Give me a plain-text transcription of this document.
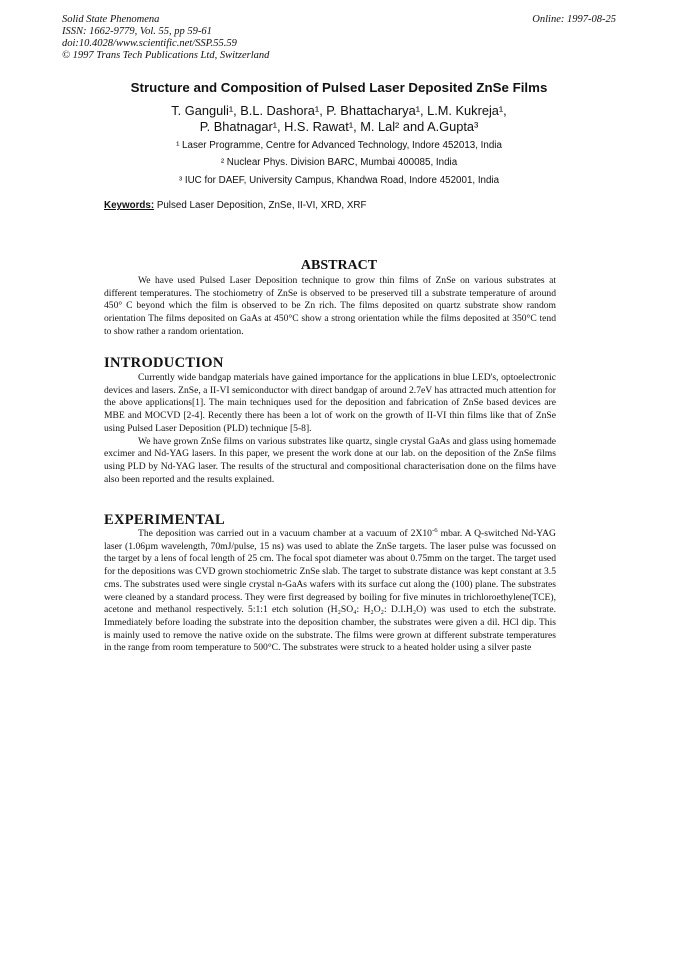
Solid State Phenomena
ISSN: 1662-9779, Vol. 55, pp 59-61
doi:10.4028/www.scientific.net/SSP.55.59
© 1997 Trans Tech Publications Ltd, Switzerland
Online: 1997-08-25
Structure and Composition of Pulsed Laser Deposited ZnSe Films
T. Ganguli¹, B.L. Dashora¹, P. Bhattacharya¹, L.M. Kukreja¹,
P. Bhatnagar¹, H.S. Rawat¹, M. Lal² and A.Gupta³
¹ Laser Programme, Centre for Advanced Technology, Indore 452013, India
² Nuclear Phys. Division BARC, Mumbai 400085, India
³ IUC for DAEF, University Campus, Khandwa Road, Indore 452001, India
Keywords: Pulsed Laser Deposition, ZnSe, II-VI, XRD, XRF
ABSTRACT

We have used Pulsed Laser Deposition technique to grow thin films of ZnSe on various substrates at different temperatures. The stochiometry of ZnSe is observed to be preserved till a substrate temperature of around 450° C beyond which the film is observed to be Zn rich. The films deposited on quartz substrate show random orientation The films deposited on GaAs at 450°C show a strong orientation while the films deposited at 350°C tend to show rather a random orientation.

INTRODUCTION

Currently wide bandgap materials have gained importance for the applications in blue LED's, optoelectronic devices and lasers. ZnSe, a II-VI semiconductor with direct bandgap of around 2.7eV has attracted much attention for the above applications[1]. The main techniques used for the deposition and fabrication of ZnSe based devices are MBE and MOCVD [2-4]. Recently there has been a lot of work on the growth of II-VI thin films like that of ZnSe using Pulsed Laser Deposition (PLD) technique [5-8].

We have grown ZnSe films on various substrates like quartz, single crystal GaAs and glass using homemade excimer and Nd-YAG lasers. In this paper, we present the work done at our lab. on the deposition of the ZnSe films using PLD by Nd-YAG laser. The results of the structural and compositional characterisation done on the films have also been reported and the results explained.

EXPERIMENTAL

The deposition was carried out in a vacuum chamber at a vacuum of $2X10^{-6}$ mbar. A Q-switched Nd-YAG laser (1.06µm wavelength, 70mJ/pulse, 15 ns) was used to ablate the ZnSe targets. The laser pulse was focussed on the target by a lens of focal length of 25 cm. The focal spot diameter was about 0.75mm on the target. The target used for the depositions was CVD grown stochiometric ZnSe slab. The target to substrate distance was kept constant at 3.5 cms. The substrates used were single crystal n-GaAs wafers with its surface cut along the (100) plane. The substrates were cleaned by a standard process. They were first degreased by boiling for five minutes in trichloroethylene(TCE), acetone and methanol respectively. 5:1:1 etch solution (H₂SO₄: H₂O₂: D.I.H₂O) was used to etch the substrate. Immediately before loading the substrate into the deposition chamber, the substrates were given a dil. HCl dip. This is mainly used to remove the native oxide on the substrate. The films were grown at different substrate temperatures in the range from room temperature to 500°C. The substrates were struck to a heated holder using a silver paste
